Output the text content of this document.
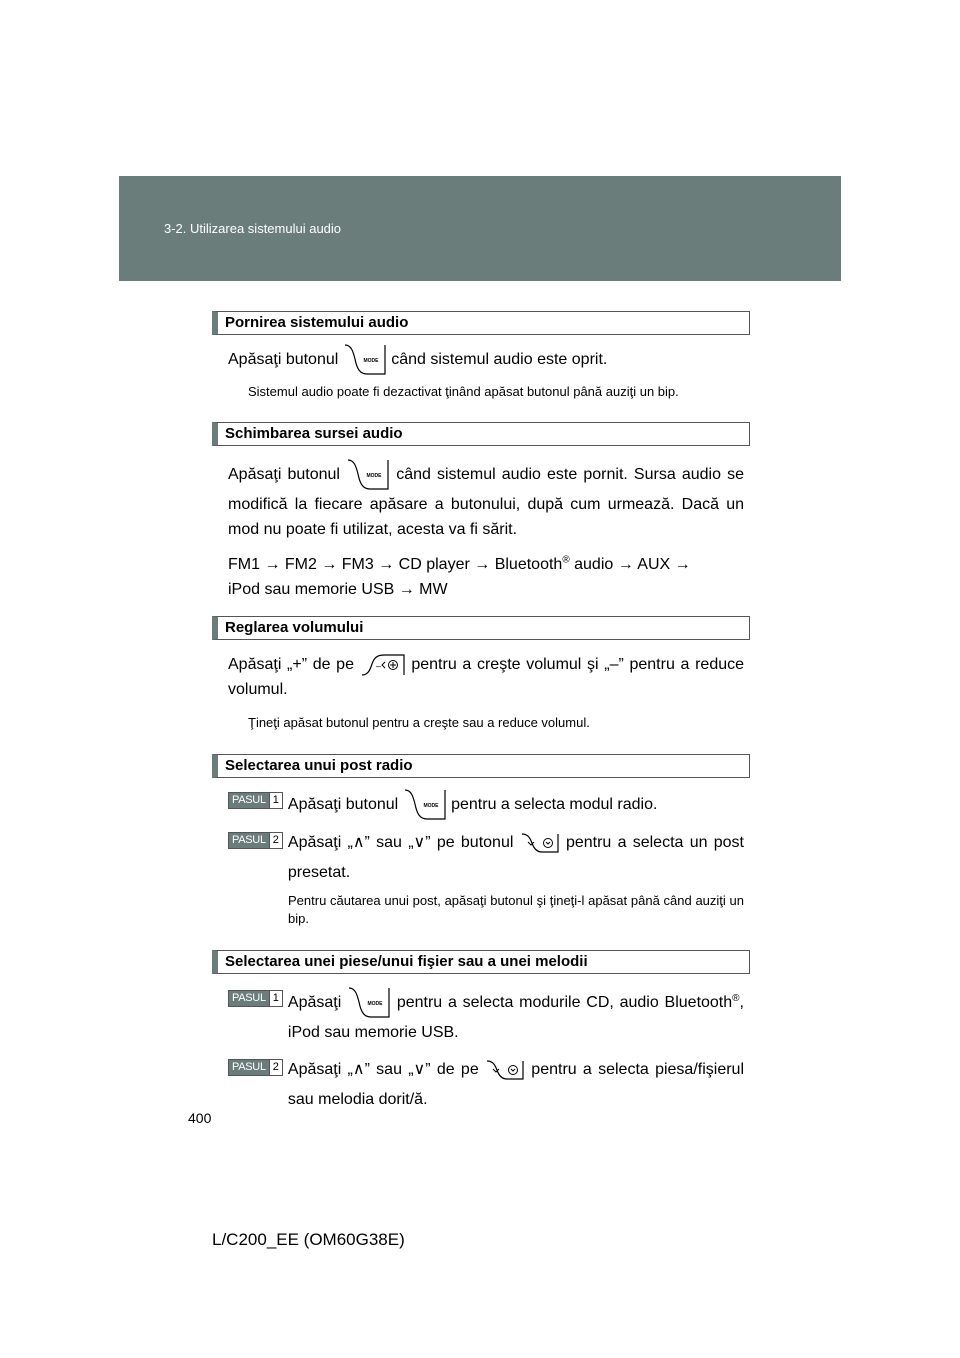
3-2. Utilizarea sistemului audio
Pornirea sistemului audio

Apăsaţi butonul	MODE când sistemul audio este oprit.

Sistemul audio poate fi dezactivat ţinând apăsat butonul până auziţi un bip.

Schimbarea sursei audio

Apăsaţi butonul	MODE când sistemul audio este pornit. Sursa audio se modifică la fiecare apăsare a butonului, după cum urmează. Dacă un mod nu poate fi utilizat, acesta va fi sărit.

FM1 → FM2 → FM3 → CD player → Bluetooth® audio → AUX →
iPod sau memorie USB → MW

Reglarea volumului

Apăsaţi „+” de pe – pentru a creşte volumul şi „–” pentru a reduce volumul.

Ţineţi apăsat butonul pentru a creşte sau a reduce volumul.

Selectarea unui post radio
PASUL 1 Apăsaţi butonul	MODE pentru a selecta modul radio.

PASUL 2 Apăsaţi „∧” sau „∨” pe butonul	pentru a selecta un post presetat.

Pentru căutarea unui post, apăsaţi butonul şi ţineţi-l apăsat până când auziţi un bip.

Selectarea unei piese/unui fişier sau a unei melodii
PASUL 1 Apăsaţi	MODE pentru a selecta modurile CD, audio Bluetooth®, iPod sau memorie USB.

PASUL 2 Apăsaţi „∧” sau „∨” de pe	pentru a selecta piesa/fişierul sau melodia dorit/ă.

400
L/C200_EE (OM60G38E)
